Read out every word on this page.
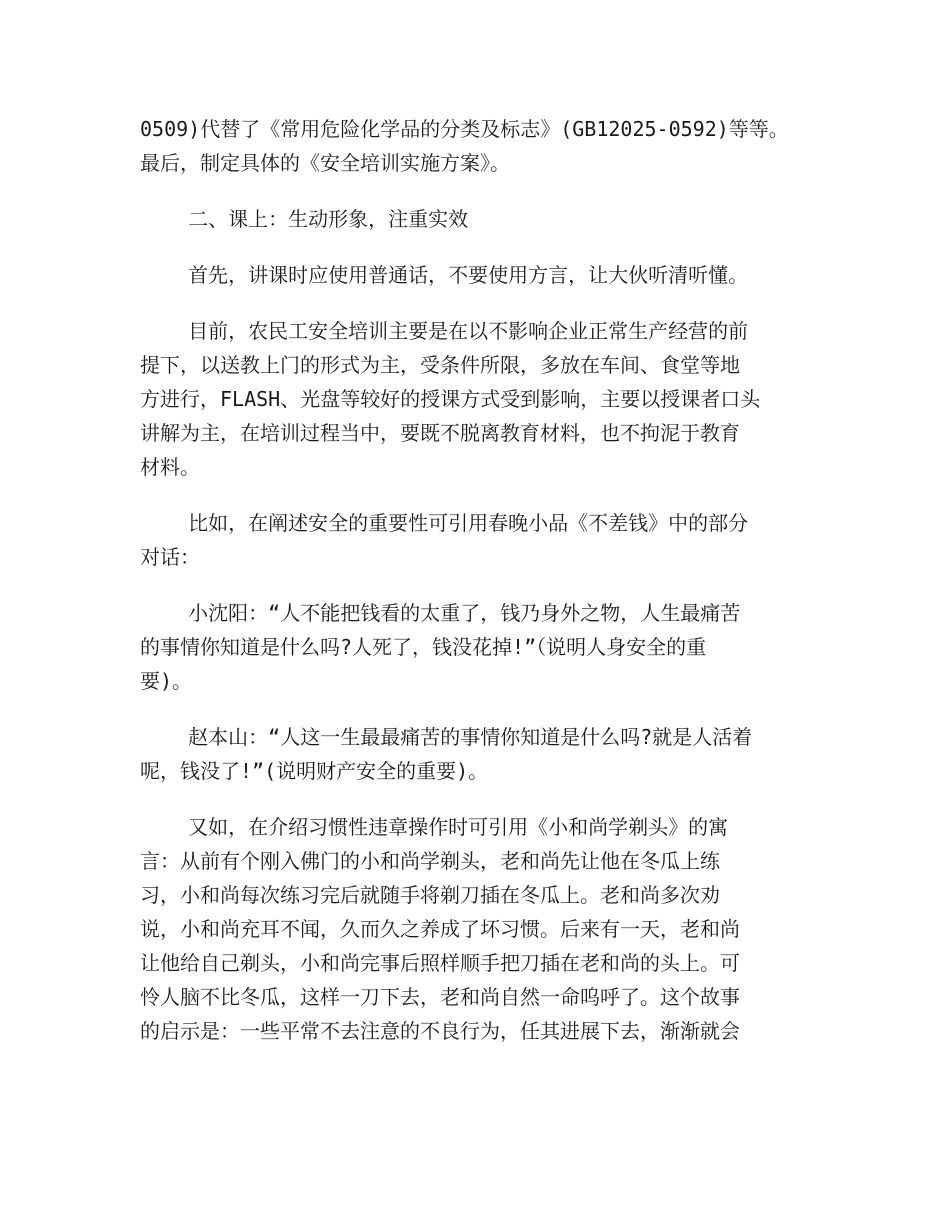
0509)代替了《常用危险化学品的分类及标志》(GB12025-0592)等等。
最后，制定具体的《安全培训实施方案》。
二、课上：生动形象，注重实效
首先，讲课时应使用普通话，不要使用方言，让大伙听清听懂。
目前，农民工安全培训主要是在以不影响企业正常生产经营的前
提下，以送教上门的形式为主，受条件所限，多放在车间、食堂等地
方进行，FLASH、光盘等较好的授课方式受到影响，主要以授课者口头
讲解为主，在培训过程当中，要既不脱离教育材料，也不拘泥于教育
材料。
比如，在阐述安全的重要性可引用春晚小品《不差钱》中的部分
对话：
小沈阳：“人不能把钱看的太重了，钱乃身外之物，人生最痛苦
的事情你知道是什么吗?人死了，钱没花掉!”（说明人身安全的重
要)。
赵本山：“人这一生最最痛苦的事情你知道是什么吗?就是人活着
呢，钱没了!”(说明财产安全的重要)。
又如，在介绍习惯性违章操作时可引用《小和尚学剃头》的寓
言：从前有个刚入佛门的小和尚学剃头，老和尚先让他在冬瓜上练
习，小和尚每次练习完后就随手将剃刀插在冬瓜上。老和尚多次劝
说，小和尚充耳不闻，久而久之养成了坏习惯。后来有一天，老和尚
让他给自己剃头，小和尚完事后照样顺手把刀插在老和尚的头上。可
怜人脑不比冬瓜，这样一刀下去，老和尚自然一命呜呼了。这个故事
的启示是：一些平常不去注意的不良行为，任其进展下去，渐渐就会
